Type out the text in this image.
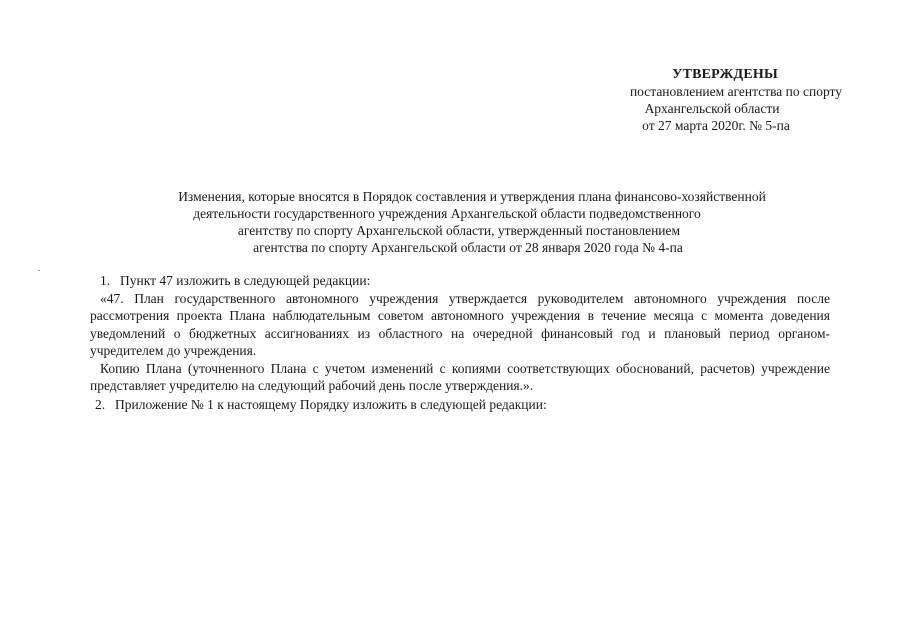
УТВЕРЖДЕНЫ
постановлением агентства по спорту
Архангельской области
от 27 марта 2020г. № 5-па
Изменения, которые вносятся в Порядок составления и утверждения плана финансово-хозяйственной
деятельности государственного учреждения Архангельской области подведомственного
агентству по спорту Архангельской области, утвержденный постановлением
агентства по спорту Архангельской области от 28 января 2020 года № 4-па

1. Пункт 47 изложить в следующей редакции:

«47. План государственного автономного учреждения утверждается руководителем автономного учреждения после рассмотрения проекта Плана наблюдательным советом автономного учреждения в течение месяца с момента доведения уведомлений о бюджетных ассигнованиях из областного на очередной финансовый год и плановый период органом-учредителем до учреждения.

Копию Плана (уточненного Плана с учетом изменений с копиями соответствующих обоснований, расчетов) учреждение представляет учредителю на следующий рабочий день после утверждения.».

2. Приложение № 1 к настоящему Порядку изложить в следующей редакции:
